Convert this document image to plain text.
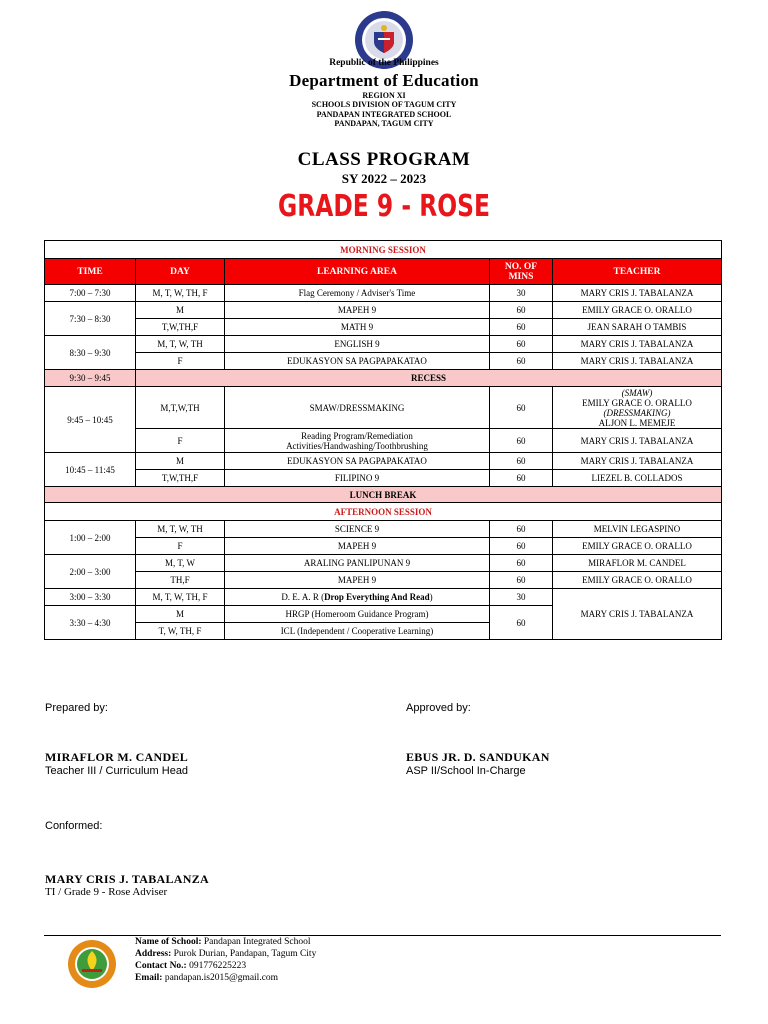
Republic of the Philippines
Department of Education
REGION XI
SCHOOLS DIVISION OF TAGUM CITY
PANDAPAN INTEGRATED SCHOOL
PANDAPAN, TAGUM CITY
CLASS PROGRAM
SY 2022 – 2023
GRADE 9 - ROSE
MORNING SESSION				
TIME	DAY	LEARNING AREA	NO. OF MINS	TEACHER
7:00 – 7:30	M, T, W, TH, F	Flag Ceremony / Adviser's Time	30	MARY CRIS J. TABALANZA
7:30 – 8:30	M	MAPEH 9	60	EMILY GRACE O. ORALLO
	T,W,TH,F	MATH 9	60	JEAN SARAH O TAMBIS
8:30 – 9:30	M, T, W, TH	ENGLISH 9	60	MARY CRIS J. TABALANZA
	F	EDUKASYON SA PAGPAPAKATAO	60	MARY CRIS J. TABALANZA
9:30 – 9:45	RECESS			
9:45 – 10:45	M,T,W,TH	SMAW/DRESSMAKING	60	(SMAW)
EMILY GRACE O. ORALLO
(DRESSMAKING)
ALJON L. MEMEJE

	F	Reading Program/Remediation
Activities/Handwashing/Toothbrushing	60	MARY CRIS J. TABALANZA
10:45 – 11:45	M	EDUKASYON SA PAGPAPAKATAO	60	MARY CRIS J. TABALANZA
	T,W,TH,F	FILIPINO 9	60	LIEZEL B. COLLADOS
LUNCH BREAK				
AFTERNOON SESSION				
1:00 – 2:00	M, T, W, TH	SCIENCE 9	60	MELVIN LEGASPINO
	F	MAPEH 9	60	EMILY GRACE O. ORALLO
2:00 – 3:00	M, T, W	ARALING PANLIPUNAN 9	60	MIRAFLOR M. CANDEL
	TH,F	MAPEH 9	60	EMILY GRACE O. ORALLO
3:00 – 3:30	M, T, W, TH, F	D. E. A. R (Drop Everything And Read)	30	MARY CRIS J. TABALANZA
3:30 – 4:30	M	HRGP (Homeroom Guidance Program)	60	
	T, W, TH, F	ICL (Independent / Cooperative Learning)		
Prepared by:	Approved by:
MIRAFLOR M. CANDEL	EBUS JR. D. SANDUKAN
Teacher III / Curriculum Head	ASP II/School In-Charge
Conformed:
MARY CRIS J. TABALANZA
TI / Grade 9 - Rose Adviser
Name of School: Pandapan Integrated School
Address: Purok Durian, Pandapan, Tagum City
Contact No.: 091776225223
Email: pandapan.is2015@gmail.com
